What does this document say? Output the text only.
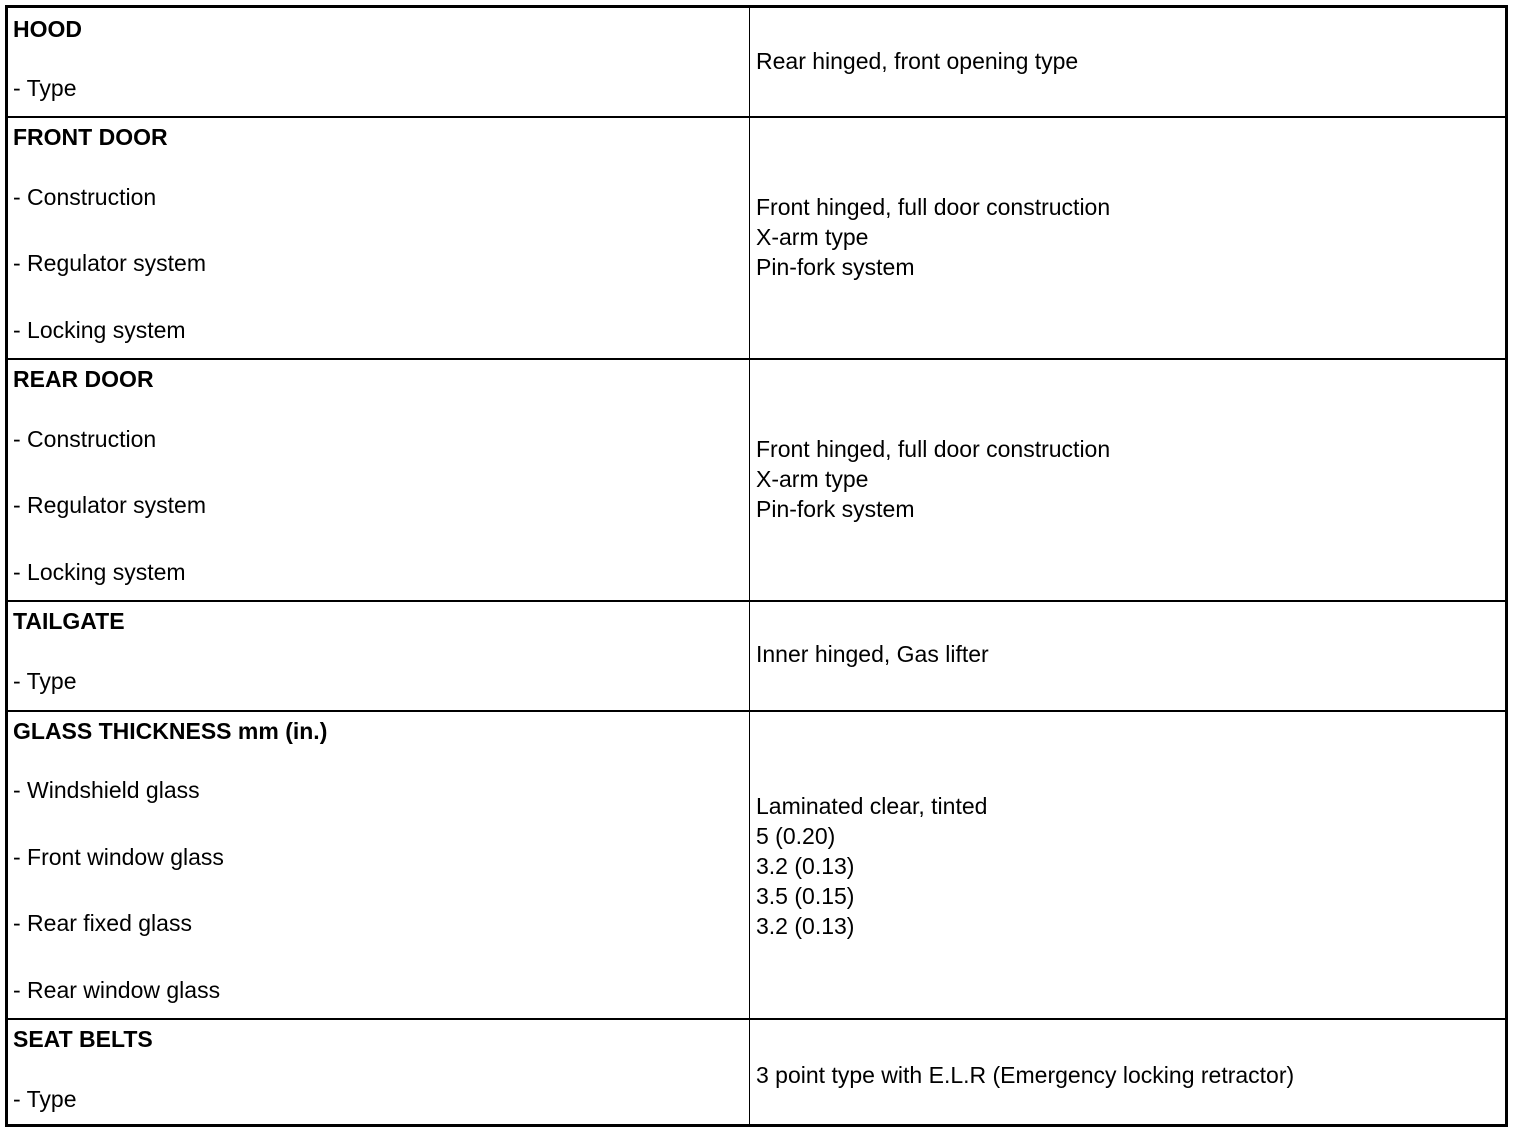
HOOD
- Type
Rear hinged, front opening type
FRONT DOOR
- Construction
- Regulator system
- Locking system
Front hinged, full door construction
X-arm type
Pin-fork system
REAR DOOR
- Construction
- Regulator system
- Locking system
Front hinged, full door construction
X-arm type
Pin-fork system
TAILGATE
- Type
Inner hinged, Gas lifter
GLASS THICKNESS mm (in.)
- Windshield glass
- Front window glass
- Rear fixed glass
- Rear window glass
Laminated clear, tinted
5 (0.20)
3.2 (0.13)
3.5 (0.15)
3.2 (0.13)
SEAT BELTS
- Type
3 point type with E.L.R (Emergency locking retractor)
